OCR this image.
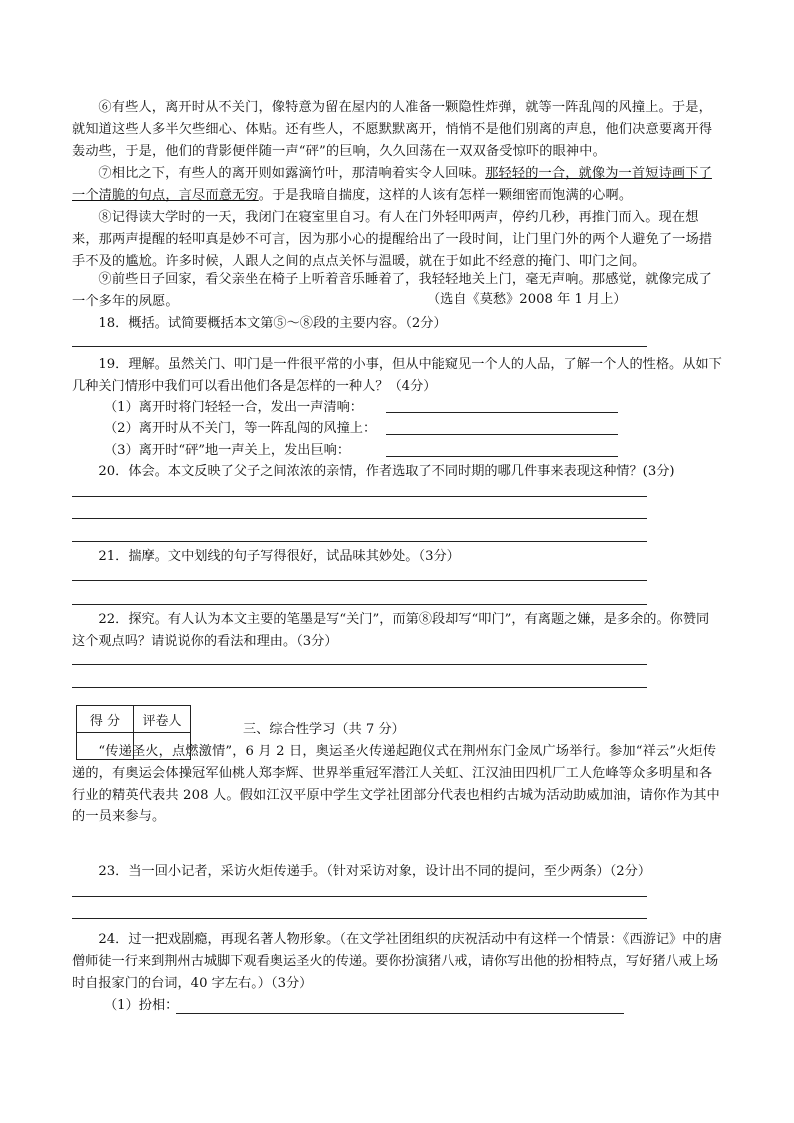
⑥有些人，离开时从不关门，像特意为留在屋内的人准备一颗隐性炸弹，就等一阵乱闯的风撞上。于是，就知道这些人多半欠些细心、体贴。还有些人，不愿默默离开，悄悄不是他们别离的声息，他们决意要离开得轰动些，于是，他们的背影便伴随一声“砰”的巨响，久久回荡在一双双备受惊吓的眼神中。
⑦相比之下，有些人的离开则如露滴竹叶，那清响着实令人回味。那轻轻的一合，就像为一首短诗画下了一个清脆的句点，言尽而意无穷。于是我暗自揣度，这样的人该有怎样一颗细密而饱满的心啊。
⑧记得读大学时的一天，我闭门在寝室里自习。有人在门外轻叩两声，停约几秒，再推门而入。现在想来，那两声提醒的轻叩真是妙不可言，因为那小心的提醒给出了一段时间，让门里门外的两个人避免了一场措手不及的尴尬。许多时候，人跟人之间的点点关怀与温暖，就在于如此不经意的掩门、叩门之间。
⑨前些日子回家，看父亲坐在椅子上听着音乐睡着了，我轻轻地关上门，毫无声响。那感觉，就像完成了一个多年的夙愿。	（选自《莫愁》2008 年 1 月上）
18．概括。试简要概括本文第⑤～⑧段的主要内容。（2分）
19．理解。虽然关门、叩门是一件很平常的小事，但从中能窥见一个人的人品，了解一个人的性格。从如下几种关门情形中我们可以看出他们各是怎样的一种人？（4分）
（1）离开时将门轻轻一合，发出一声清响：
（2）离开时从不关门，等一阵乱闯的风撞上：
（3）离开时“砰”地一声关上，发出巨响：
20．体会。本文反映了父子之间浓浓的亲情，作者选取了不同时期的哪几件事来表现这种情？(3分)
21．揣摩。文中划线的句子写得很好，试品味其妙处。（3分）
22．探究。有人认为本文主要的笔墨是写“关门”，而第⑧段却写“叩门”，有离题之嫌，是多余的。你赞同这个观点吗？请说说你的看法和理由。（3分）
得 分	评卷人

三、综合性学习（共 7 分）
“传递圣火，点燃激情”，6 月 2 日，奥运圣火传递起跑仪式在荆州东门金凤广场举行。参加“祥云”火炬传递的，有奥运会体操冠军仙桃人郑李辉、世界举重冠军潜江人关虹、江汉油田四机厂工人危峰等众多明星和各行业的精英代表共 208 人。假如江汉平原中学生文学社团部分代表也相约古城为活动助威加油，请你作为其中的一员来参与。
23．当一回小记者，采访火炬传递手。（针对采访对象，设计出不同的提问，至少两条）（2分）
24．过一把戏剧瘾，再现名著人物形象。（在文学社团组织的庆祝活动中有这样一个情景：《西游记》中的唐僧师徒一行来到荆州古城脚下观看奥运圣火的传递。要你扮演猪八戒，请你写出他的扮相特点，写好猪八戒上场时自报家门的台词，40 字左右。）（3分）
（1）扮相：
